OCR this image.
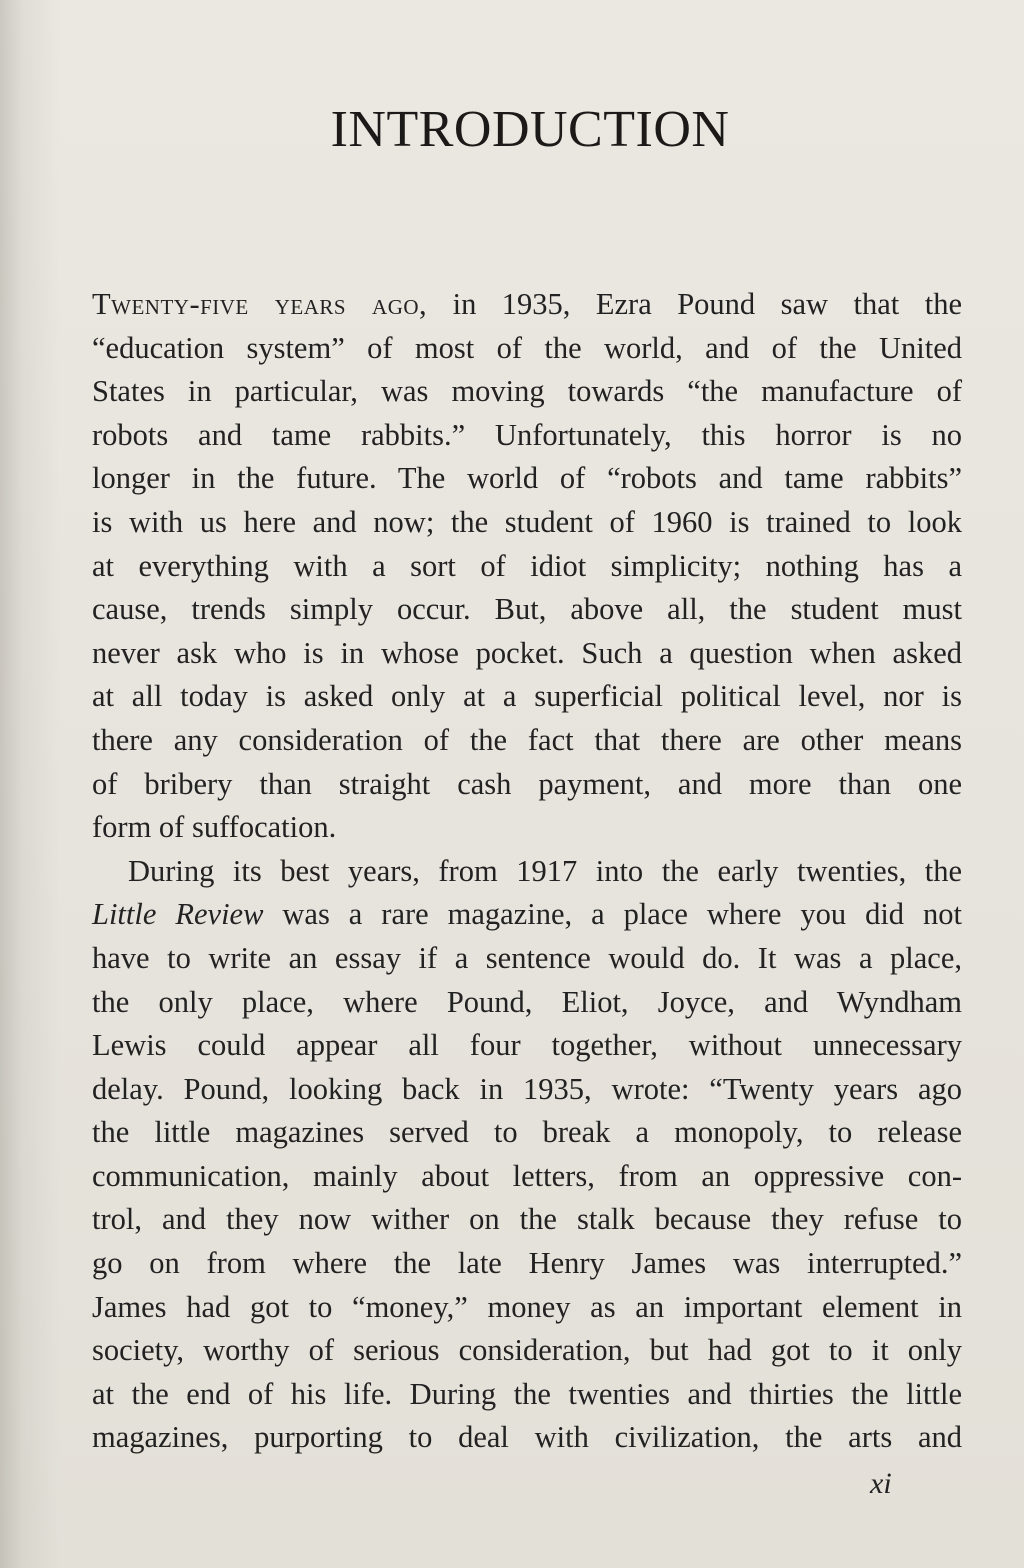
INTRODUCTION
Twenty-five years ago, in 1935, Ezra Pound saw that the
“education system” of most of the world, and of the United
States in particular, was moving towards “the manufacture of
robots and tame rabbits.” Unfortunately, this horror is no
longer in the future. The world of “robots and tame rabbits”
is with us here and now; the student of 1960 is trained to look
at everything with a sort of idiot simplicity; nothing has a
cause, trends simply occur. But, above all, the student must
never ask who is in whose pocket. Such a question when asked
at all today is asked only at a superficial political level, nor is
there any consideration of the fact that there are other means
of bribery than straight cash payment, and more than one
form of suffocation.
During its best years, from 1917 into the early twenties, the
Little Review was a rare magazine, a place where you did not
have to write an essay if a sentence would do. It was a place,
the only place, where Pound, Eliot, Joyce, and Wyndham
Lewis could appear all four together, without unnecessary
delay. Pound, looking back in 1935, wrote: “Twenty years ago
the little magazines served to break a monopoly, to release
communication, mainly about letters, from an oppressive con-
trol, and they now wither on the stalk because they refuse to
go on from where the late Henry James was interrupted.”
James had got to “money,” money as an important element in
society, worthy of serious consideration, but had got to it only
at the end of his life. During the twenties and thirties the little
magazines, purporting to deal with civilization, the arts and
xi
